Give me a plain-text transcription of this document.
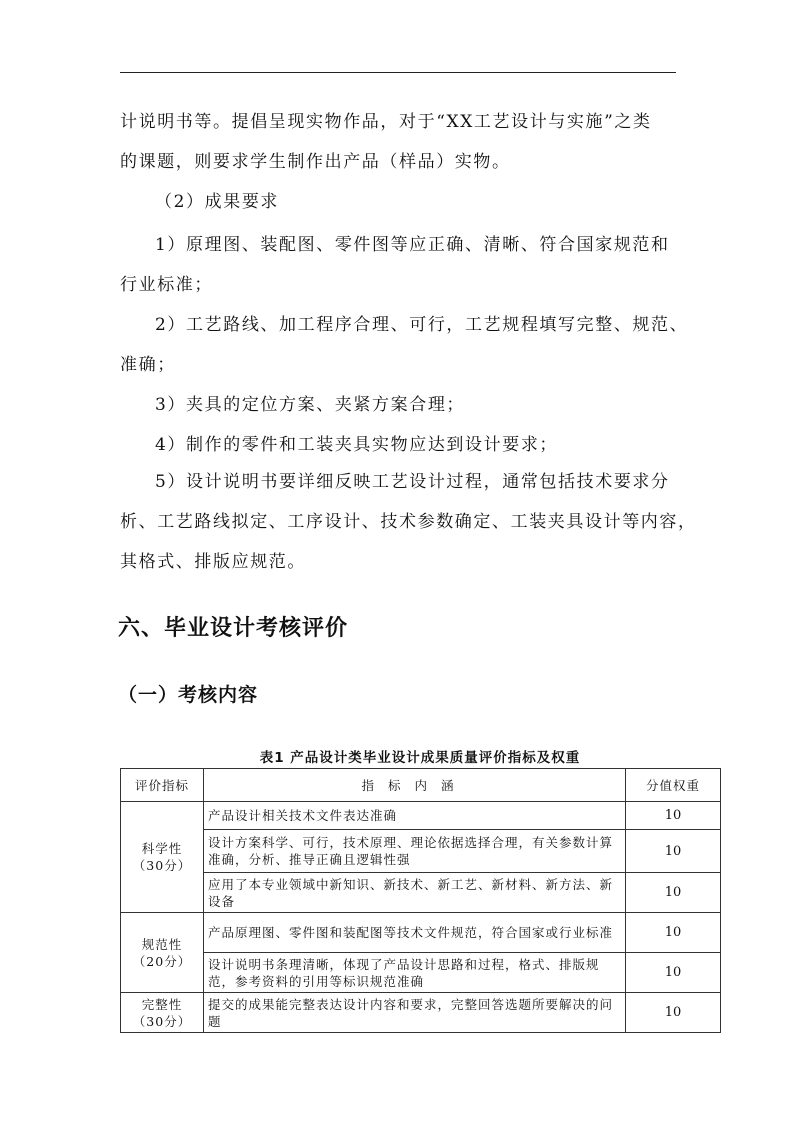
计说明书等。提倡呈现实物作品，对于“XX工艺设计与实施”之类
的课题，则要求学生制作出产品（样品）实物。
（2）成果要求
1）原理图、装配图、零件图等应正确、清晰、符合国家规范和
行业标准；
2）工艺路线、加工程序合理、可行，工艺规程填写完整、规范、
准确；
3）夹具的定位方案、夹紧方案合理；
4）制作的零件和工装夹具实物应达到设计要求；
5）设计说明书要详细反映工艺设计过程，通常包括技术要求分
析、工艺路线拟定、工序设计、技术参数确定、工装夹具设计等内容，
其格式、排版应规范。
六、毕业设计考核评价
（一）考核内容
表1 产品设计类毕业设计成果质量评价指标及权重
评价指标	指标内涵	分值权重

科学性
（30分）	产品设计相关技术文件表达准确	10
	设计方案科学、可行，技术原理、理论依据选择合理，有关参数计算准确，分析、推导正确且逻辑性强	10
	应用了本专业领域中新知识、新技术、新工艺、新材料、新方法、新设备	10

规范性
（20分）	产品原理图、零件图和装配图等技术文件规范，符合国家或行业标准	10
	设计说明书条理清晰，体现了产品设计思路和过程，格式、排版规范，参考资料的引用等标识规范准确	10

完整性
（30分）	提交的成果能完整表达设计内容和要求，完整回答选题所要解决的问题	10
